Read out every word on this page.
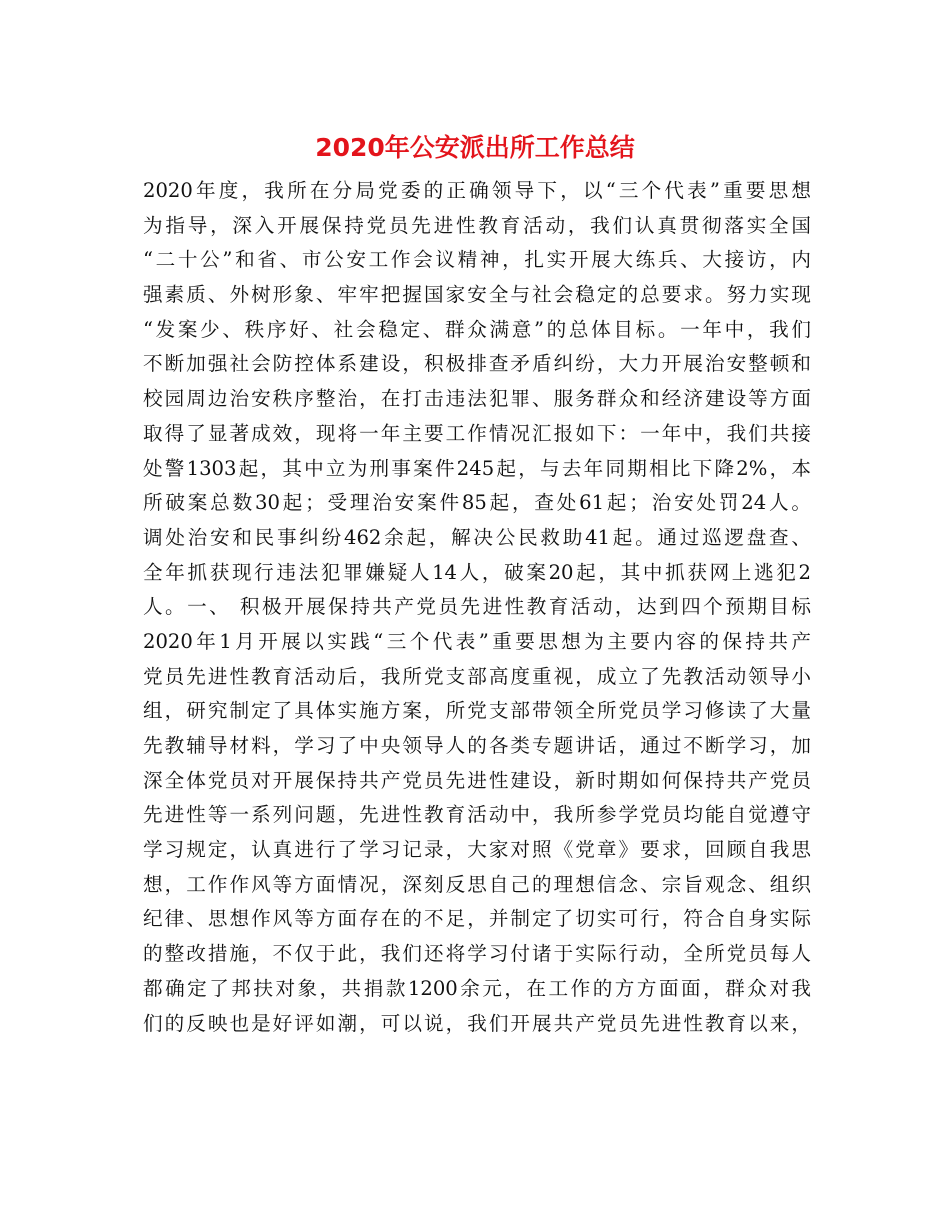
2020年公安派出所工作总结
2020年度，我所在分局党委的正确领导下，以“三个代表”重要思想
为指导，深入开展保持党员先进性教育活动，我们认真贯彻落实全国
“二十公”和省、市公安工作会议精神，扎实开展大练兵、大接访，内
强素质、外树形象、牢牢把握国家安全与社会稳定的总要求。努力实现
“发案少、秩序好、社会稳定、群众满意”的总体目标。一年中，我们
不断加强社会防控体系建设，积极排查矛盾纠纷，大力开展治安整顿和
校园周边治安秩序整治，在打击违法犯罪、服务群众和经济建设等方面
取得了显著成效，现将一年主要工作情况汇报如下：一年中，我们共接
处警1303起，其中立为刑事案件245起，与去年同期相比下降2%，本
所破案总数30起；受理治安案件85起，查处61起；治安处罚24人。
调处治安和民事纠纷462余起，解决公民救助41起。通过巡逻盘查、
全年抓获现行违法犯罪嫌疑人14人，破案20起，其中抓获网上逃犯2
人。一、 积极开展保持共产党员先进性教育活动，达到四个预期目标
2020年1月开展以实践“三个代表”重要思想为主要内容的保持共产
党员先进性教育活动后，我所党支部高度重视，成立了先教活动领导小
组，研究制定了具体实施方案，所党支部带领全所党员学习修读了大量
先教辅导材料，学习了中央领导人的各类专题讲话，通过不断学习，加
深全体党员对开展保持共产党员先进性建设，新时期如何保持共产党员
先进性等一系列问题，先进性教育活动中，我所参学党员均能自觉遵守
学习规定，认真进行了学习记录，大家对照《党章》要求，回顾自我思
想，工作作风等方面情况，深刻反思自己的理想信念、宗旨观念、组织
纪律、思想作风等方面存在的不足，并制定了切实可行，符合自身实际
的整改措施，不仅于此，我们还将学习付诸于实际行动，全所党员每人
都确定了邦扶对象，共捐款1200余元，在工作的方方面面，群众对我
们的反映也是好评如潮，可以说，我们开展共产党员先进性教育以来，
